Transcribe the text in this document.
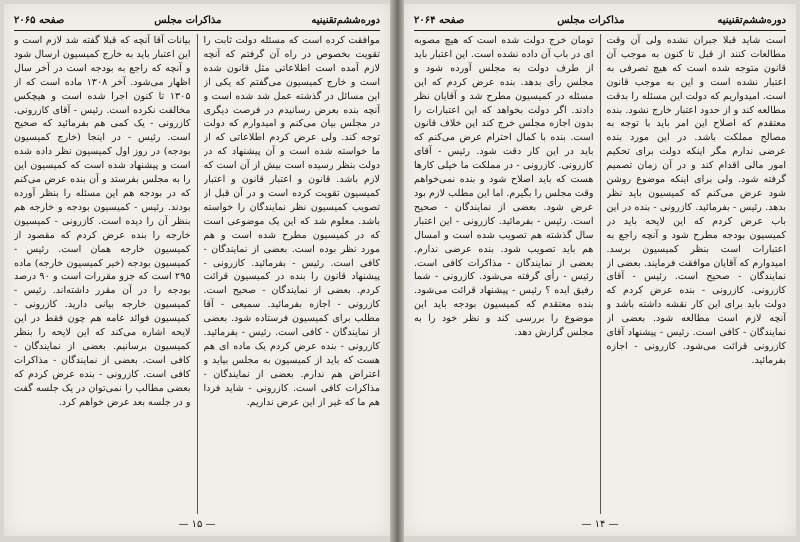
دوره‌ششم‌تقنینیه
مذاکرات مجلس
صفحه ۲۰۶۵

موافقت کرده است که مسئله دولت ثابت را تقویت بخصوص در راه آن گرفتم که آنچه لازم آمده است اطلاعاتی مثل قانون شده است و خارج کمیسیون می‌گفتم که یکی از این مسائل در گذشته عمل شد شده است و آنچه بنده بعرض رسانیدم در فرصت دیگری در مجلس بیان می‌کنم و امیدوارم که دولت توجه کند. ولی عرض کردم اطلاعاتی که از ما خواسته شده است و آن پیشنهاد که در دولت بنظر رسیده است بیش از آن است که لازم باشد. قانون و اعتبار قانون و اعتبار کمیسیون تقویت کرده است و در آن قبل از تصویب کمیسیون نظر نمایندگان را خواسته باشد. معلوم شد که این یک موضوعی است که در کمیسیون مطرح شده است و هم مورد نظر بوده است. بعضی از نمایندگان - کافی است. رئیس - بفرمائید. کازرونی - پیشنهاد قانون را بنده در کمیسیون قرائت کردم. بعضی از نمایندگان - صحیح است. کازرونی - اجازه بفرمائید. سمیعی - آقا مطلب برای کمیسیون فرستاده شود. بعضی از نمایندگان - کافی است. رئیس - بفرمائید. کازرونی - بنده عرض کردم یک ماده ای هم هست که باید از کمیسیون به مجلس بیاید و اعتراض هم ندارم. بعضی از نمایندگان - مذاکرات کافی است. کازرونی - شاید فردا هم ما که غیر از این عرض نداریم.

بیانات آقا آنچه که قبلا گفته شد لازم است و این اعتبار باید به خارج کمیسیون ارسال شود و آنچه که راجع به بودجه است در آخر سال اظهار می‌شود. آخر ۱۳۰۸ ماده است که از ۱۳۰۵ تا کنون اجرا شده است و هیچکس مخالفت نکرده است. رئیس - آقای کازرونی. کازرونی - یک کمی هم بفرمائید که صحیح است. رئیس - در اینجا (خارج کمیسیون بودجه) در روز اول کمیسیون نظر داده شده است و پیشنهاد شده است که کمیسیون این را به مجلس بفرستد و آن بنده عرض می‌کنم که در بودجه هم این مسئله را بنظر آورده بودند. رئیس - کمیسیون بودجه و خارجه هم بنظر آن را دیده است. کازرونی - کمیسیون خارجه را بنده عرض کردم که مقصود از کمیسیون خارجه همان است. رئیس - کمیسیون بودجه (خیر کمیسیون خارجه) ماده ۲۹۵ است که جزو مقررات است و ۹۰ درصد بودجه را در آن مقرر داشته‌اند. رئیس - کمیسیون خارجه بیانی دارید. کازرونی - کمیسیون فوائد عامه هم چون فقط در این لایحه اشاره می‌کند که این لایحه را بنظر کمیسیون برسانیم. بعضی از نمایندگان - کافی است. بعضی از نمایندگان - مذاکرات کافی است. کازرونی - بنده عرض کردم که بعضی مطالب را نمی‌توان در یک جلسه گفت و در جلسه بعد عرض خواهم کرد.

— ۱۵ —
دوره‌ششم‌تقنینیه
مذاکرات مجلس
صفحه ۲۰۶۴

است شاید قبلا جبران نشده ولی آن وقت مطالعات کنند از قبل تا کنون به موجب آن قانون متوجه شده است که هیچ تصرفی به اعتبار نشده است و این به موجب قانون است. امیدواریم که دولت این مسئله را بدقت مطالعه کند و از حدود اعتبار خارج نشود. بنده معتقدم که اصلاح این امر باید با توجه به مصالح مملکت باشد. در این مورد بنده عرضی ندارم مگر اینکه دولت برای تحکیم امور مالی اقدام کند و در آن زمان تصمیم گرفته شود. ولی برای اینکه موضوع روشن شود عرض می‌کنم که کمیسیون باید نظر بدهد. رئیس - بفرمائید. کازرونی - بنده در این باب عرض کردم که این لایحه باید در کمیسیون بودجه مطرح شود و آنچه راجع به اعتبارات است بنظر کمیسیون برسد. امیدوارم که آقایان موافقت فرمایند. بعضی از نمایندگان - صحیح است. رئیس - آقای کازرونی. کازرونی - بنده عرض کردم که دولت باید برای این کار نقشه داشته باشد و آنچه لازم است مطالعه شود. بعضی از نمایندگان - کافی است. رئیس - پیشنهاد آقای کازرونی قرائت می‌شود. کازرونی - اجازه بفرمائید.

تومان خرج دولت شده است که هیچ مصوبه ای در باب آن داده نشده است. این اعتبار باید از طرف دولت به مجلس آورده شود و مجلس رأی بدهد. بنده عرض کردم که این مسئله در کمیسیون مطرح شد و آقایان نظر دادند. اگر دولت بخواهد که این اعتبارات را بدون اجازه مجلس خرج کند این خلاف قانون است. بنده با کمال احترام عرض می‌کنم که باید در این کار دقت شود. رئیس - آقای کازرونی. کازرونی - در مملکت ما خیلی کارها هست که باید اصلاح شود و بنده نمی‌خواهم وقت مجلس را بگیرم. اما این مطلب لازم بود عرض شود. بعضی از نمایندگان - صحیح است. رئیس - بفرمائید. کازرونی - این اعتبار سال گذشته هم تصویب شده است و امسال هم باید تصویب شود. بنده عرضی ندارم. بعضی از نمایندگان - مذاکرات کافی است. رئیس - رأی گرفته می‌شود. کازرونی - شما رفیق ایده ؟ رئیس - پیشنهاد قرائت می‌شود. بنده معتقدم که کمیسیون بودجه باید این موضوع را بررسی کند و نظر خود را به مجلس گزارش دهد.

— ۱۴ —
